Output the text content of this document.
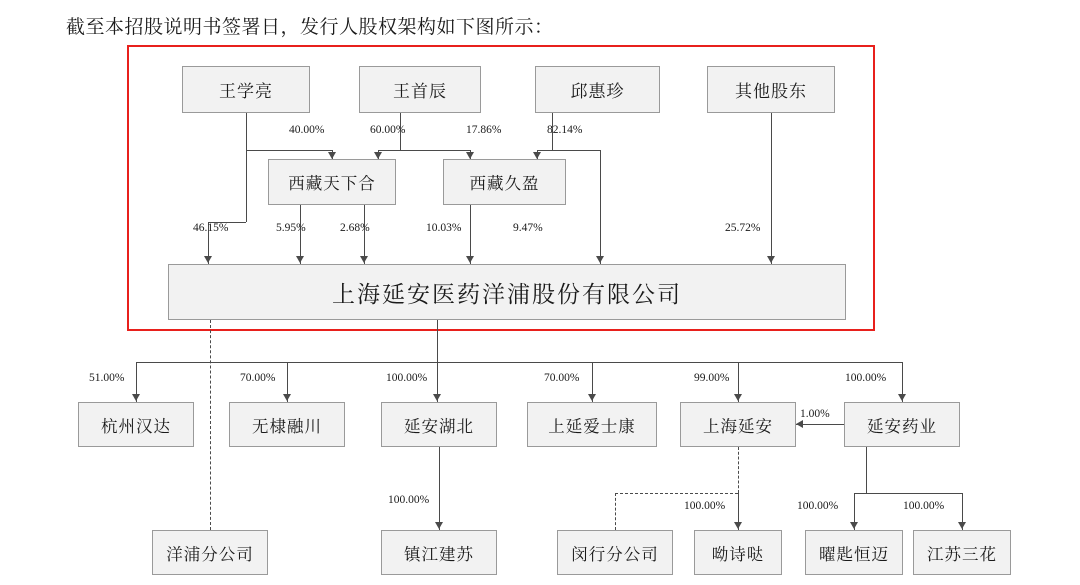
截至本招股说明书签署日，发行人股权架构如下图所示：
王学亮	王首辰	邱惠珍	其他股东
西藏天下合	西藏久盈
上海延安医药洋浦股份有限公司
杭州汉达	无棣融川	延安湖北	上延爱士康	上海延安	延安药业
洋浦分公司	镇江建苏	闵行分公司	呦诗哒	曜匙恒迈 江苏三花
40.00%
46.15%
60.00%	17.86%	82.14%
9.47%	25.72%
5.95%	2.68%	10.03%
51.00%	70.00%	100.00%	70.00%	99.00%	100.00%
1.00%
100.00%	100.00%	100.00%	100.00%
